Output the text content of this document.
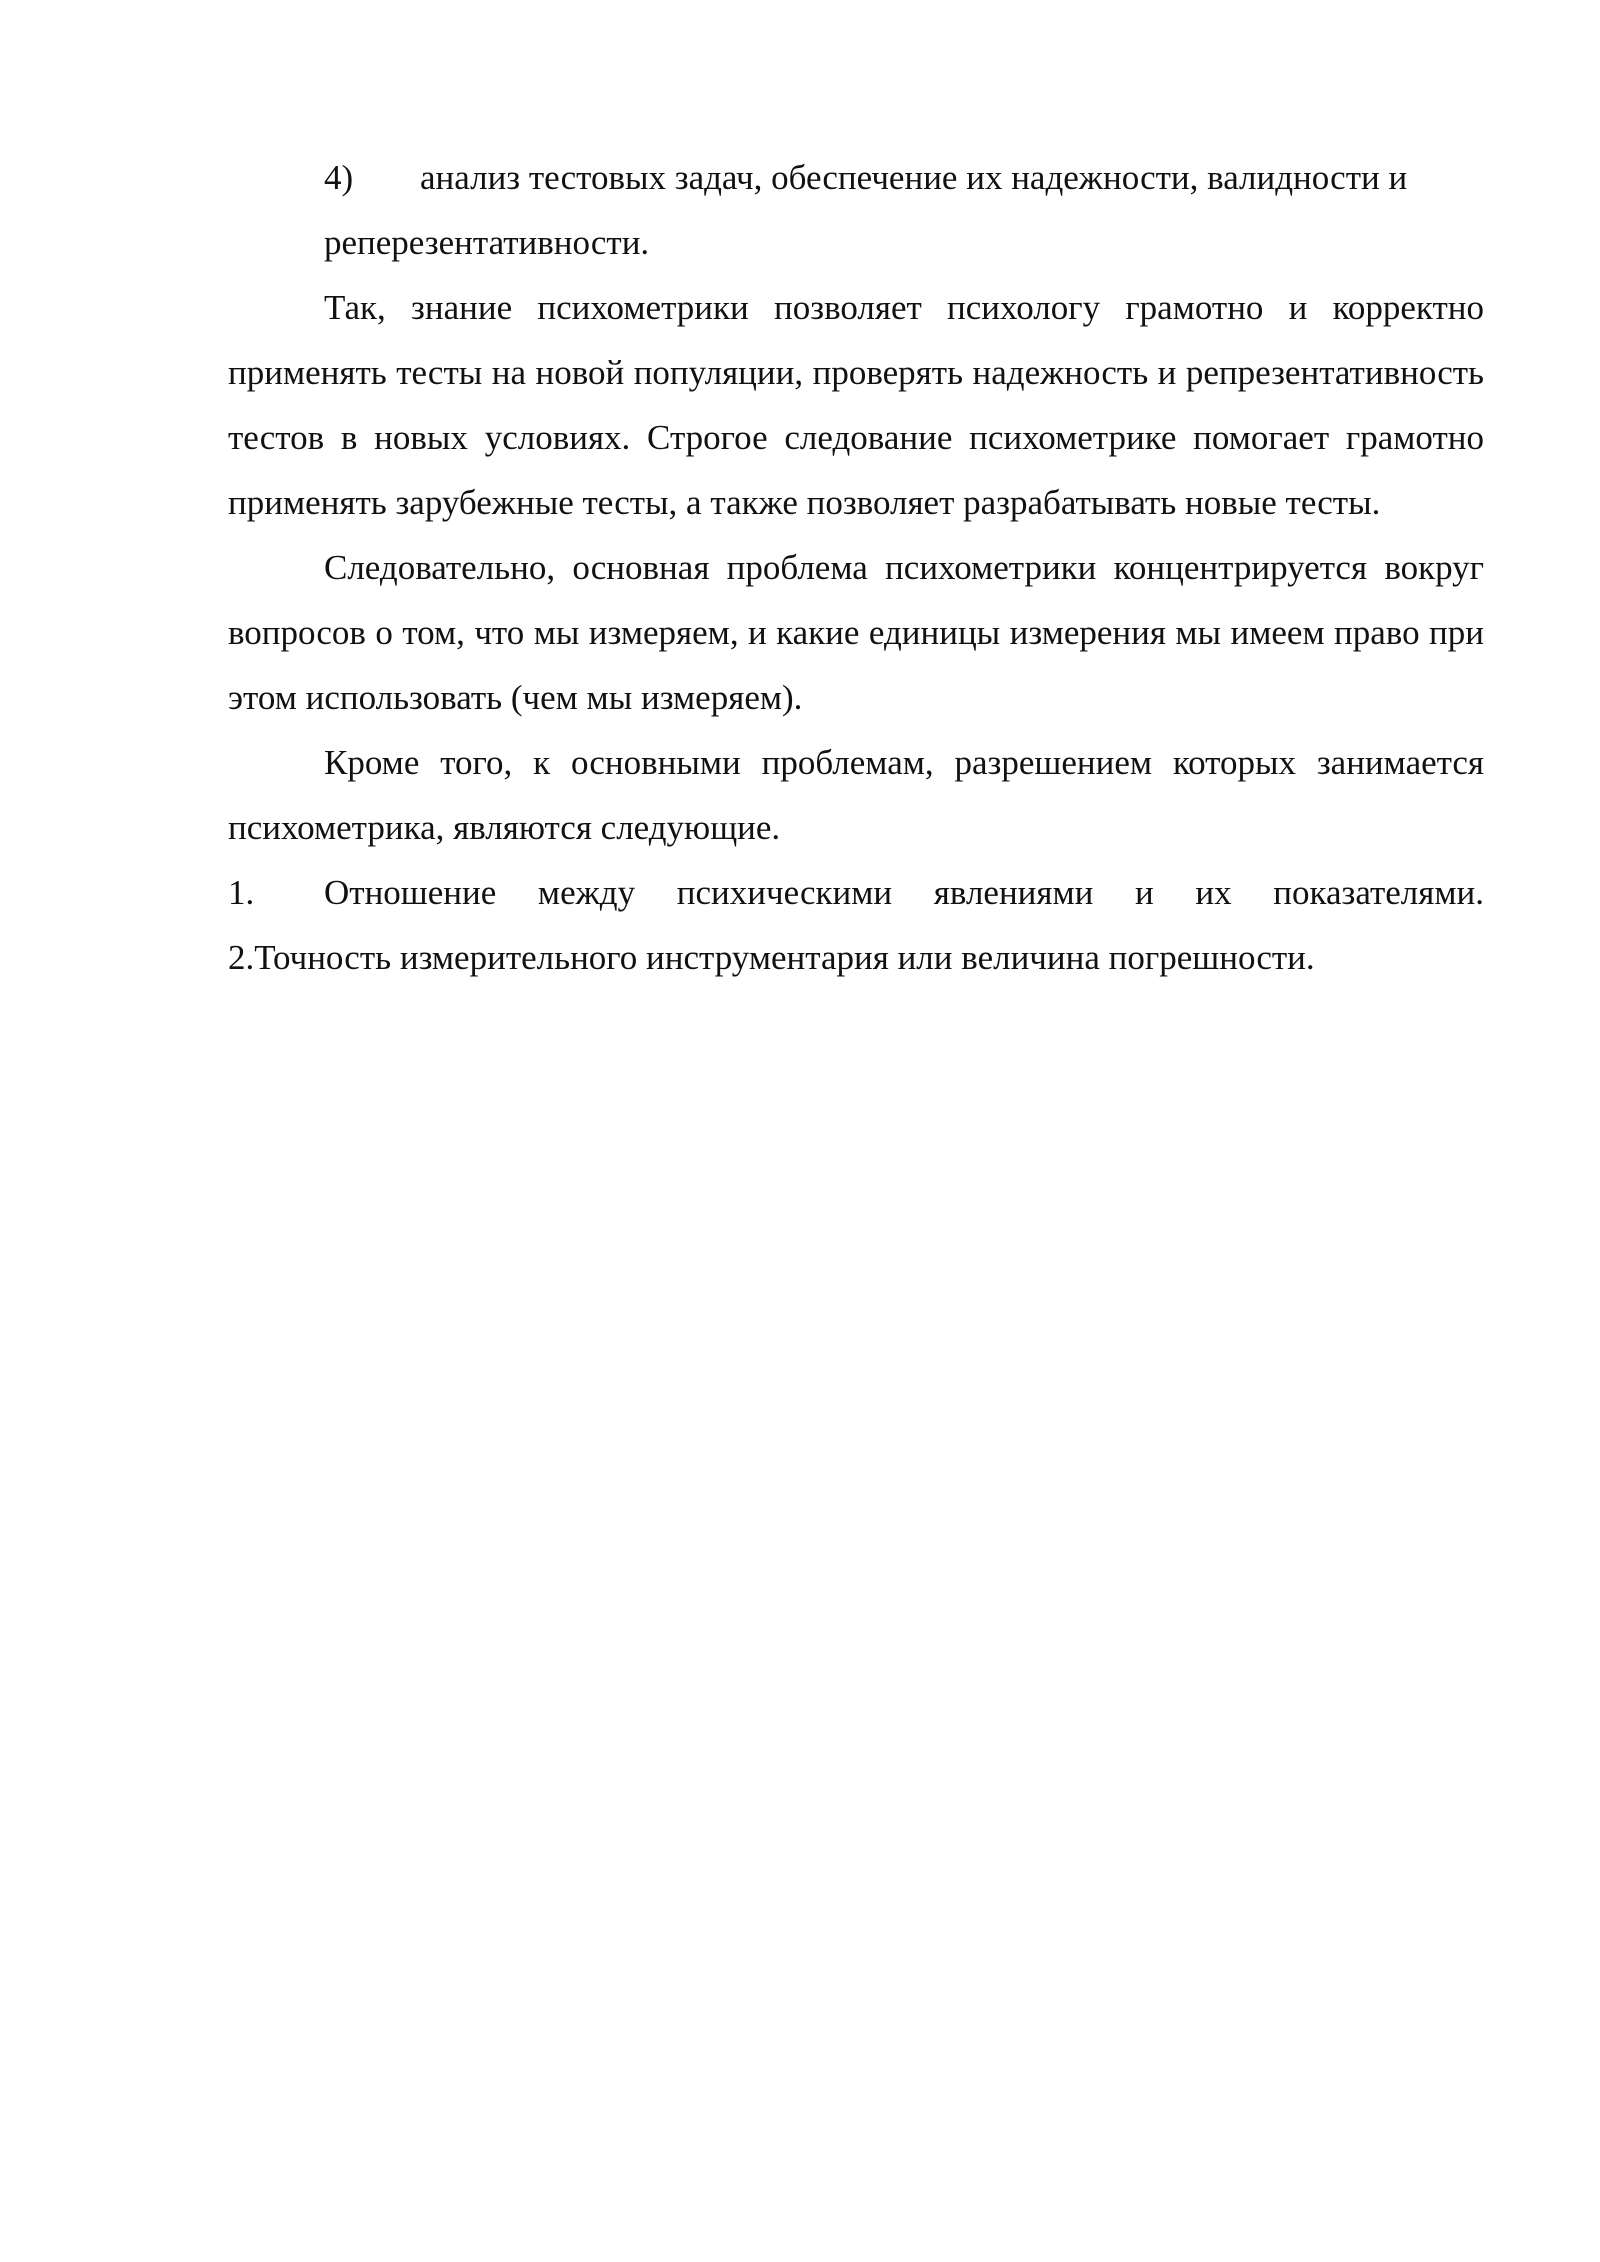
4)	анализ тестовых задач, обеспечение их надежности, валидности и
реперезентативности.

Так, знание психометрики позволяет психологу грамотно и корректно применять тесты на новой популяции, проверять надежность и репрезентативность тестов в новых условиях. Строгое следование психометрике помогает грамотно применять зарубежные тесты, а также позволяет разрабатывать новые тесты.

Следовательно, основная проблема психометрики концентрируется вокруг вопросов о том, что мы измеряем, и какие единицы измерения мы имеем право при этом использовать (чем мы измеряем).

Кроме того, к основными проблемам, разрешением которых занимается психометрика, являются следующие.

1. Отношение между психическими явлениями и их показателями.

2.Точность измерительного инструментария или величина погрешности.
